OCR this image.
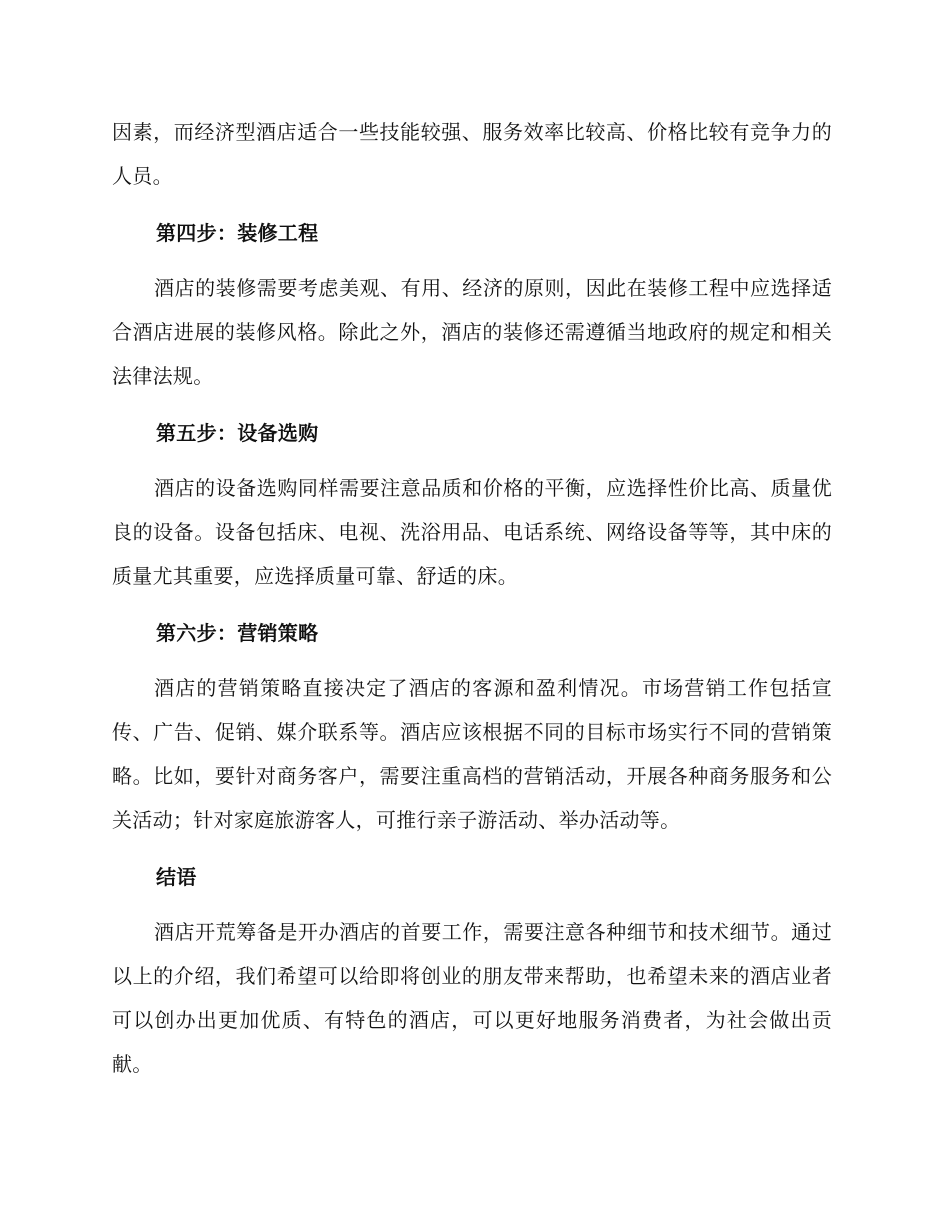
因素，而经济型酒店适合一些技能较强、服务效率比较高、价格比较有竞争力的人员。

第四步：装修工程

酒店的装修需要考虑美观、有用、经济的原则，因此在装修工程中应选择适合酒店进展的装修风格。除此之外，酒店的装修还需遵循当地政府的规定和相关法律法规。

第五步：设备选购

酒店的设备选购同样需要注意品质和价格的平衡，应选择性价比高、质量优良的设备。设备包括床、电视、洗浴用品、电话系统、网络设备等等，其中床的质量尤其重要，应选择质量可靠、舒适的床。

第六步：营销策略

酒店的营销策略直接决定了酒店的客源和盈利情况。市场营销工作包括宣传、广告、促销、媒介联系等。酒店应该根据不同的目标市场实行不同的营销策略。比如，要针对商务客户，需要注重高档的营销活动，开展各种商务服务和公关活动；针对家庭旅游客人，可推行亲子游活动、举办活动等。

结语

酒店开荒筹备是开办酒店的首要工作，需要注意各种细节和技术细节。通过以上的介绍，我们希望可以给即将创业的朋友带来帮助，也希望未来的酒店业者可以创办出更加优质、有特色的酒店，可以更好地服务消费者，为社会做出贡献。
